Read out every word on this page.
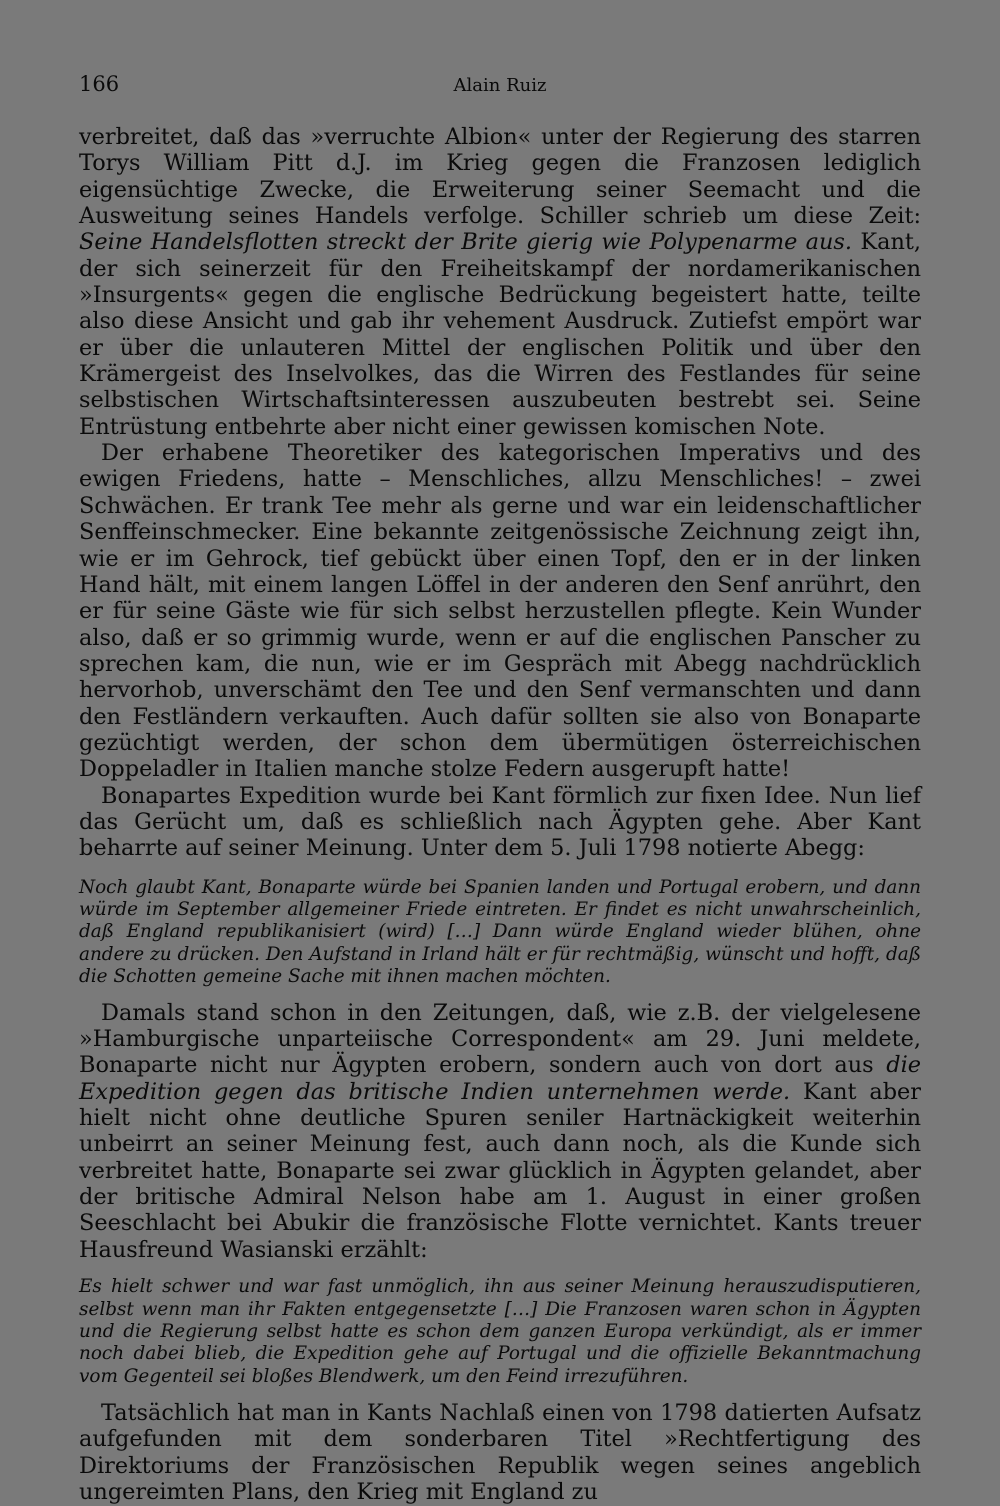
166	Alain Ruiz

verbreitet, daß das »verruchte Albion« unter der Regierung des starren Torys William Pitt d.J. im Krieg gegen die Franzosen lediglich eigensüchtige Zwecke, die Erweiterung seiner Seemacht und die Ausweitung seines Handels verfolge. Schiller schrieb um diese Zeit: Seine Handelsflotten streckt der Brite gierig wie Polypenarme aus. Kant, der sich seinerzeit für den Freiheitskampf der nordamerikanischen »Insurgents« gegen die englische Bedrückung begeistert hatte, teilte also diese Ansicht und gab ihr vehement Ausdruck. Zutiefst empört war er über die unlauteren Mittel der englischen Politik und über den Krämergeist des Inselvolkes, das die Wirren des Festlandes für seine selbstischen Wirtschaftsinteressen auszubeuten bestrebt sei. Seine Entrüstung entbehrte aber nicht einer gewissen komischen Note.

Der erhabene Theoretiker des kategorischen Imperativs und des ewigen Friedens, hatte – Menschliches, allzu Menschliches! – zwei Schwächen. Er trank Tee mehr als gerne und war ein leidenschaftlicher Senffeinschmecker. Eine bekannte zeitgenössische Zeichnung zeigt ihn, wie er im Gehrock, tief gebückt über einen Topf, den er in der linken Hand hält, mit einem langen Löffel in der anderen den Senf anrührt, den er für seine Gäste wie für sich selbst herzustellen pflegte. Kein Wunder also, daß er so grimmig wurde, wenn er auf die englischen Panscher zu sprechen kam, die nun, wie er im Gespräch mit Abegg nachdrücklich hervorhob, unverschämt den Tee und den Senf vermanschten und dann den Festländern verkauften. Auch dafür sollten sie also von Bonaparte gezüchtigt werden, der schon dem übermütigen österreichischen Doppeladler in Italien manche stolze Federn ausgerupft hatte!

Bonapartes Expedition wurde bei Kant förmlich zur fixen Idee. Nun lief das Gerücht um, daß es schließlich nach Ägypten gehe. Aber Kant beharrte auf seiner Meinung. Unter dem 5. Juli 1798 notierte Abegg:

Noch glaubt Kant, Bonaparte würde bei Spanien landen und Portugal erobern, und dann würde im September allgemeiner Friede eintreten. Er findet es nicht unwahrscheinlich, daß England republikanisiert (wird) […] Dann würde England wieder blühen, ohne andere zu drücken. Den Aufstand in Irland hält er für rechtmäßig, wünscht und hofft, daß die Schotten gemeine Sache mit ihnen machen möchten.

Damals stand schon in den Zeitungen, daß, wie z.B. der vielgelesene »Hamburgische unparteiische Correspondent« am 29. Juni meldete, Bonaparte nicht nur Ägypten erobern, sondern auch von dort aus die Expedition gegen das britische Indien unternehmen werde. Kant aber hielt nicht ohne deutliche Spuren seniler Hartnäckigkeit weiterhin unbeirrt an seiner Meinung fest, auch dann noch, als die Kunde sich verbreitet hatte, Bonaparte sei zwar glücklich in Ägypten gelandet, aber der britische Admiral Nelson habe am 1. August in einer großen Seeschlacht bei Abukir die französische Flotte vernichtet. Kants treuer Hausfreund Wasianski erzählt:

Es hielt schwer und war fast unmöglich, ihn aus seiner Meinung herauszudisputieren, selbst wenn man ihr Fakten entgegensetzte […] Die Franzosen waren schon in Ägypten und die Regierung selbst hatte es schon dem ganzen Europa verkündigt, als er immer noch dabei blieb, die Expedition gehe auf Portugal und die offizielle Bekanntmachung vom Gegenteil sei bloßes Blendwerk, um den Feind irrezuführen.

Tatsächlich hat man in Kants Nachlaß einen von 1798 datierten Aufsatz aufgefunden mit dem sonderbaren Titel »Rechtfertigung des Direktoriums der Französischen Republik wegen seines angeblich ungereimten Plans, den Krieg mit England zu
